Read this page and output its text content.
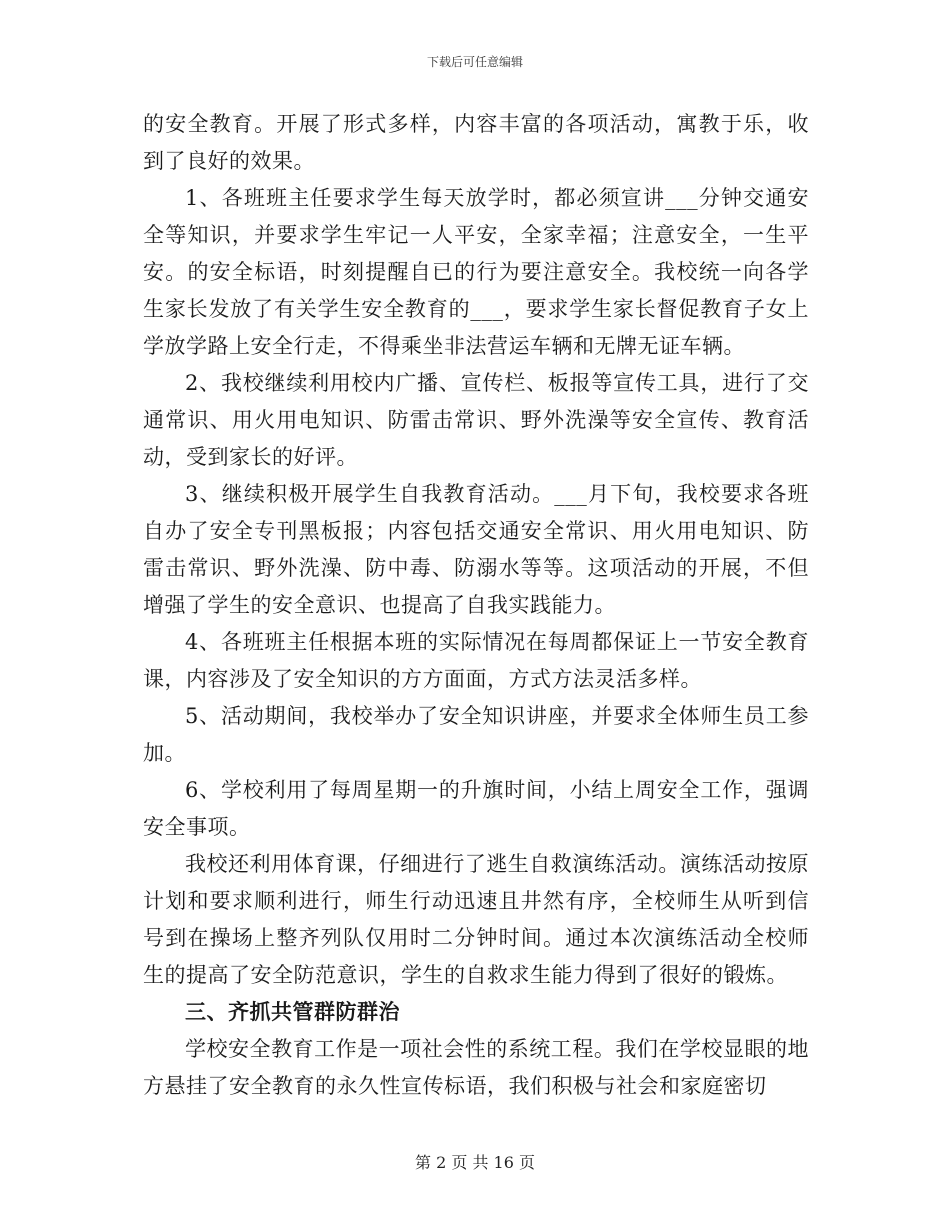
下载后可任意编辑

的安全教育。开展了形式多样，内容丰富的各项活动，寓教于乐，收到了良好的效果。

1、各班班主任要求学生每天放学时，都必须宣讲___分钟交通安全等知识，并要求学生牢记一人平安，全家幸福；注意安全，一生平安。的安全标语，时刻提醒自已的行为要注意安全。我校统一向各学生家长发放了有关学生安全教育的___，要求学生家长督促教育子女上学放学路上安全行走，不得乘坐非法营运车辆和无牌无证车辆。

2、我校继续利用校内广播、宣传栏、板报等宣传工具，进行了交通常识、用火用电知识、防雷击常识、野外洗澡等安全宣传、教育活动，受到家长的好评。

3、继续积极开展学生自我教育活动。___月下旬，我校要求各班自办了安全专刊黑板报；内容包括交通安全常识、用火用电知识、防雷击常识、野外洗澡、防中毒、防溺水等等。这项活动的开展，不但增强了学生的安全意识、也提高了自我实践能力。

4、各班班主任根据本班的实际情况在每周都保证上一节安全教育课，内容涉及了安全知识的方方面面，方式方法灵活多样。

5、活动期间，我校举办了安全知识讲座，并要求全体师生员工参加。

6、学校利用了每周星期一的升旗时间，小结上周安全工作，强调安全事项。

我校还利用体育课，仔细进行了逃生自救演练活动。演练活动按原计划和要求顺利进行，师生行动迅速且井然有序，全校师生从听到信号到在操场上整齐列队仅用时二分钟时间。通过本次演练活动全校师生的提高了安全防范意识，学生的自救求生能力得到了很好的锻炼。

三、齐抓共管群防群治

学校安全教育工作是一项社会性的系统工程。我们在学校显眼的地方悬挂了安全教育的永久性宣传标语，我们积极与社会和家庭密切

第 2 页 共 16 页
